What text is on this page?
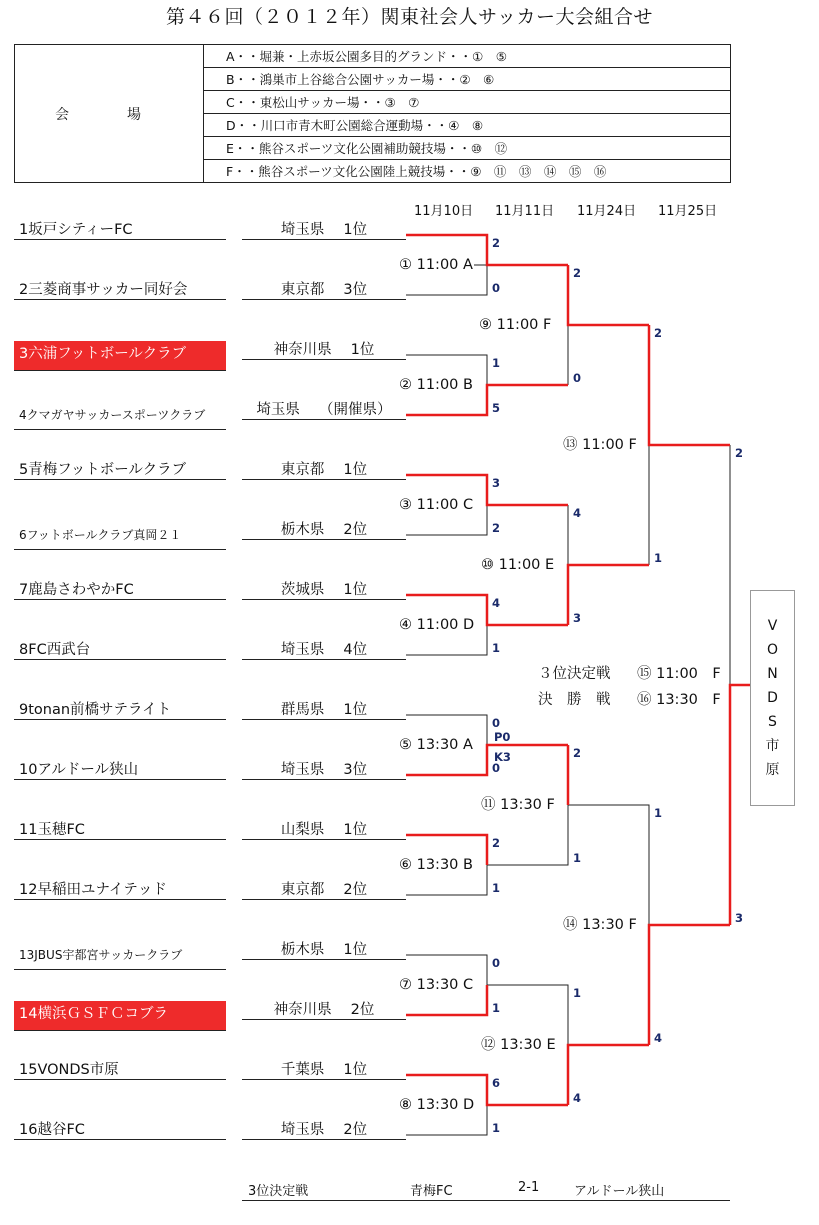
第４６回（２０１２年）関東社会人サッカー大会組合せ
会　場	A・・堀兼・上赤坂公園多目的グランド・・①　⑤
B・・鴻巣市上谷総合公園サッカー場・・②　⑥
C・・東松山サッカー場・・③　⑦
D・・川口市青木町公園総合運動場・・④　⑧
E・・熊谷スポーツ文化公園補助競技場・・⑩　⑫
F・・熊谷スポーツ文化公園陸上競技場・・⑨　⑪　⑬　⑭　⑮　⑯
11月10日 11月11日 11月24日 11月25日
1坂戸シティーFC
2三菱商事サッカー同好会
3六浦フットボールクラブ
4クマガヤサッカースポーツクラブ
5青梅フットボールクラブ
6フットボールクラブ真岡２１
7鹿島さわやかFC
8FC西武台
9tonan前橋サテライト
10アルドール狭山
11玉穂FC
12早稲田ユナイテッド
13JBUS宇都宮サッカークラブ
14横浜ＧＳＦＣコブラ
15VONDS市原
16越谷FC
埼玉県　 1位
東京都　 3位
神奈川県　 1位
埼玉県　 （開催県）
東京都　 1位
栃木県　 2位
茨城県　 1位
埼玉県　 4位
群馬県　 1位
埼玉県　 3位
山梨県　 1位
東京都　 2位
栃木県　 1位
神奈川県　 2位
千葉県　 1位
埼玉県　 2位
① 11:00 A
② 11:00 B
③ 11:00 C
④ 11:00 D
⑤ 13:30 A
⑥ 13:30 B
⑦ 13:30 C
⑧ 13:30 D
⑨ 11:00 F
⑩ 11:00 E
⑪ 13:30 F
⑫ 13:30 E
⑬ 11:00 F
⑭ 13:30 F
2
0
1
5
3
2
4
1
0
0
2
1
0
1
6
1
P0
K3
2
0
4
3
2
1
1
4
2
1
1
4
2
3
３位決定戦 ⑮ 11:00　F
決　勝　戦 ⑯ 13:30　F
V
O
N
D
S
市
原
3位決定戦	青梅FC	2-1	アルドール狭山
